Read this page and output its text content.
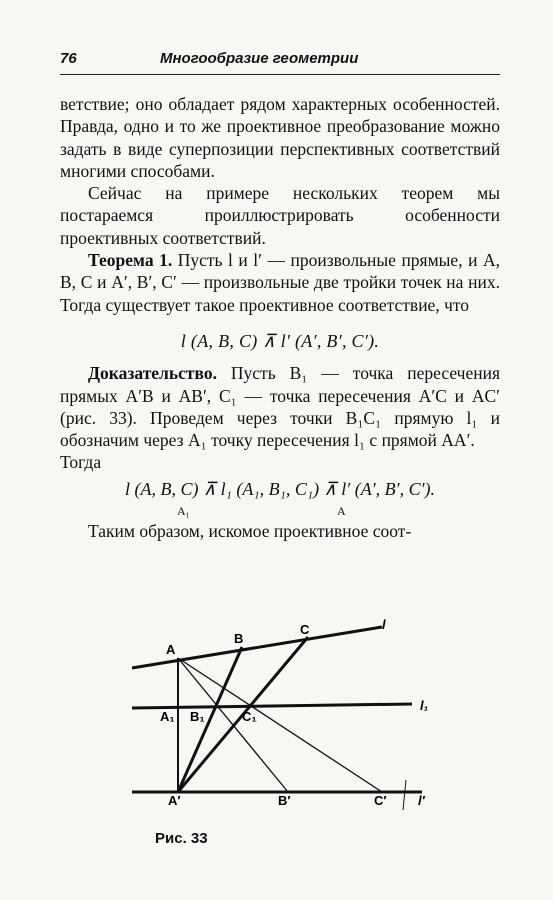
76	Многообразие геометрии

ветствие; оно обладает рядом характерных особенностей. Правда, одно и то же проективное преобразование можно задать в виде суперпозиции перспективных соответствий многими способами.

Сейчас на примере нескольких теорем мы постараемся проиллюстрировать особенности проективных соответствий.

Теорема 1. Пусть l и l′ — произвольные прямые, и A, B, C и A′, B′, C′ — произвольные две тройки точек на них. Тогда существует такое проективное соответствие, что

l (A, B, C) ⊼ l′ (A′, B′, C′).

Доказательство. Пусть B₁ — точка пересечения прямых A′B и AB′, C₁ — точка пересечения A′C и AC′ (рис. 33). Проведем через точки B₁C₁ прямую l₁ и обозначим через A₁ точку пересечения l₁ с прямой AA′.

Тогда

l (A, B, C) ⊼ l₁ (A₁, B₁, C₁) ⊼ l′ (A′, B′, C′).
A₁	A

Таким образом, искомое проективное соот-

A
B
C	l
A₁ B₁	C₁
l₁
A′	B′	C′ l′
Рис. 33
